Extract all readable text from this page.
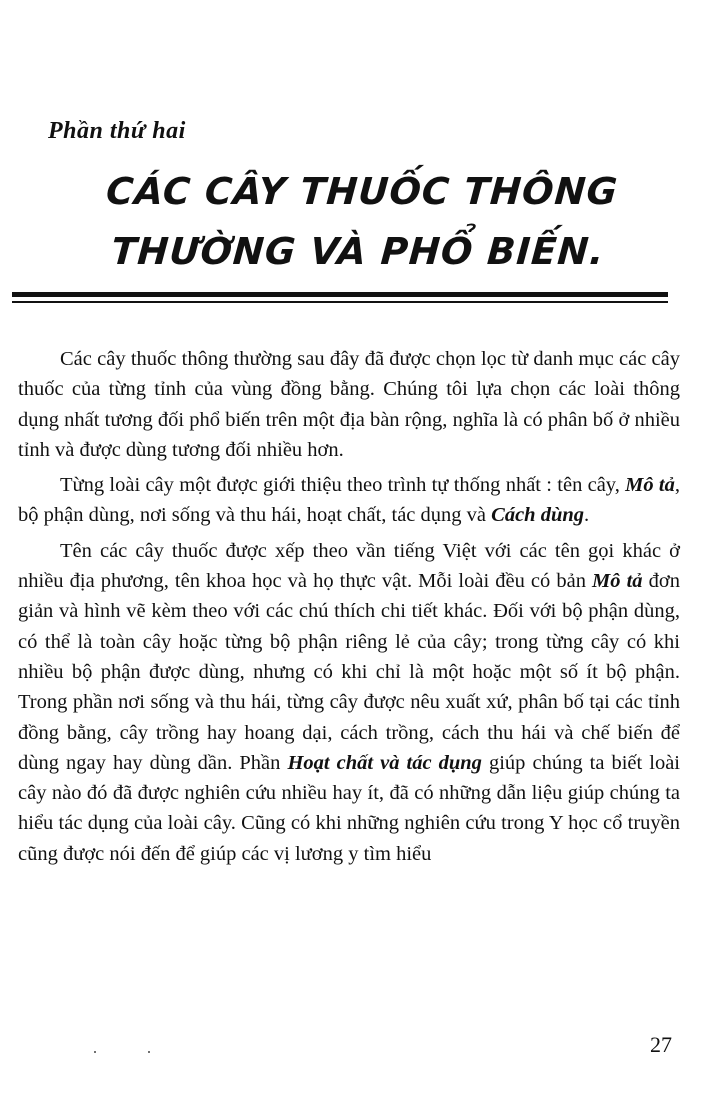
Phần thứ hai
CÁC CÂY THUỐC THÔNG THƯỜNG VÀ PHỔ BIẾN.

Các cây thuốc thông thường sau đây đã được chọn lọc từ danh mục các cây thuốc của từng tỉnh của vùng đồng bằng. Chúng tôi lựa chọn các loài thông dụng nhất tương đối phổ biến trên một địa bàn rộng, nghĩa là có phân bố ở nhiều tỉnh và được dùng tương đối nhiều hơn.

Từng loài cây một được giới thiệu theo trình tự thống nhất : tên cây, Mô tả, bộ phận dùng, nơi sống và thu hái, hoạt chất, tác dụng và Cách dùng.

Tên các cây thuốc được xếp theo vần tiếng Việt với các tên gọi khác ở nhiều địa phương, tên khoa học và họ thực vật. Mỗi loài đều có bản Mô tả đơn giản và hình vẽ kèm theo với các chú thích chi tiết khác. Đối với bộ phận dùng, có thể là toàn cây hoặc từng bộ phận riêng lẻ của cây; trong từng cây có khi nhiều bộ phận được dùng, nhưng có khi chỉ là một hoặc một số ít bộ phận. Trong phần nơi sống và thu hái, từng cây được nêu xuất xứ, phân bố tại các tỉnh đồng bằng, cây trồng hay hoang dại, cách trồng, cách thu hái và chế biến để dùng ngay hay dùng dần. Phần Hoạt chất và tác dụng giúp chúng ta biết loài cây nào đó đã được nghiên cứu nhiều hay ít, đã có những dẫn liệu giúp chúng ta hiểu tác dụng của loài cây. Cũng có khi những nghiên cứu trong Y học cổ truyền cũng được nói đến để giúp các vị lương y tìm hiểu

27
